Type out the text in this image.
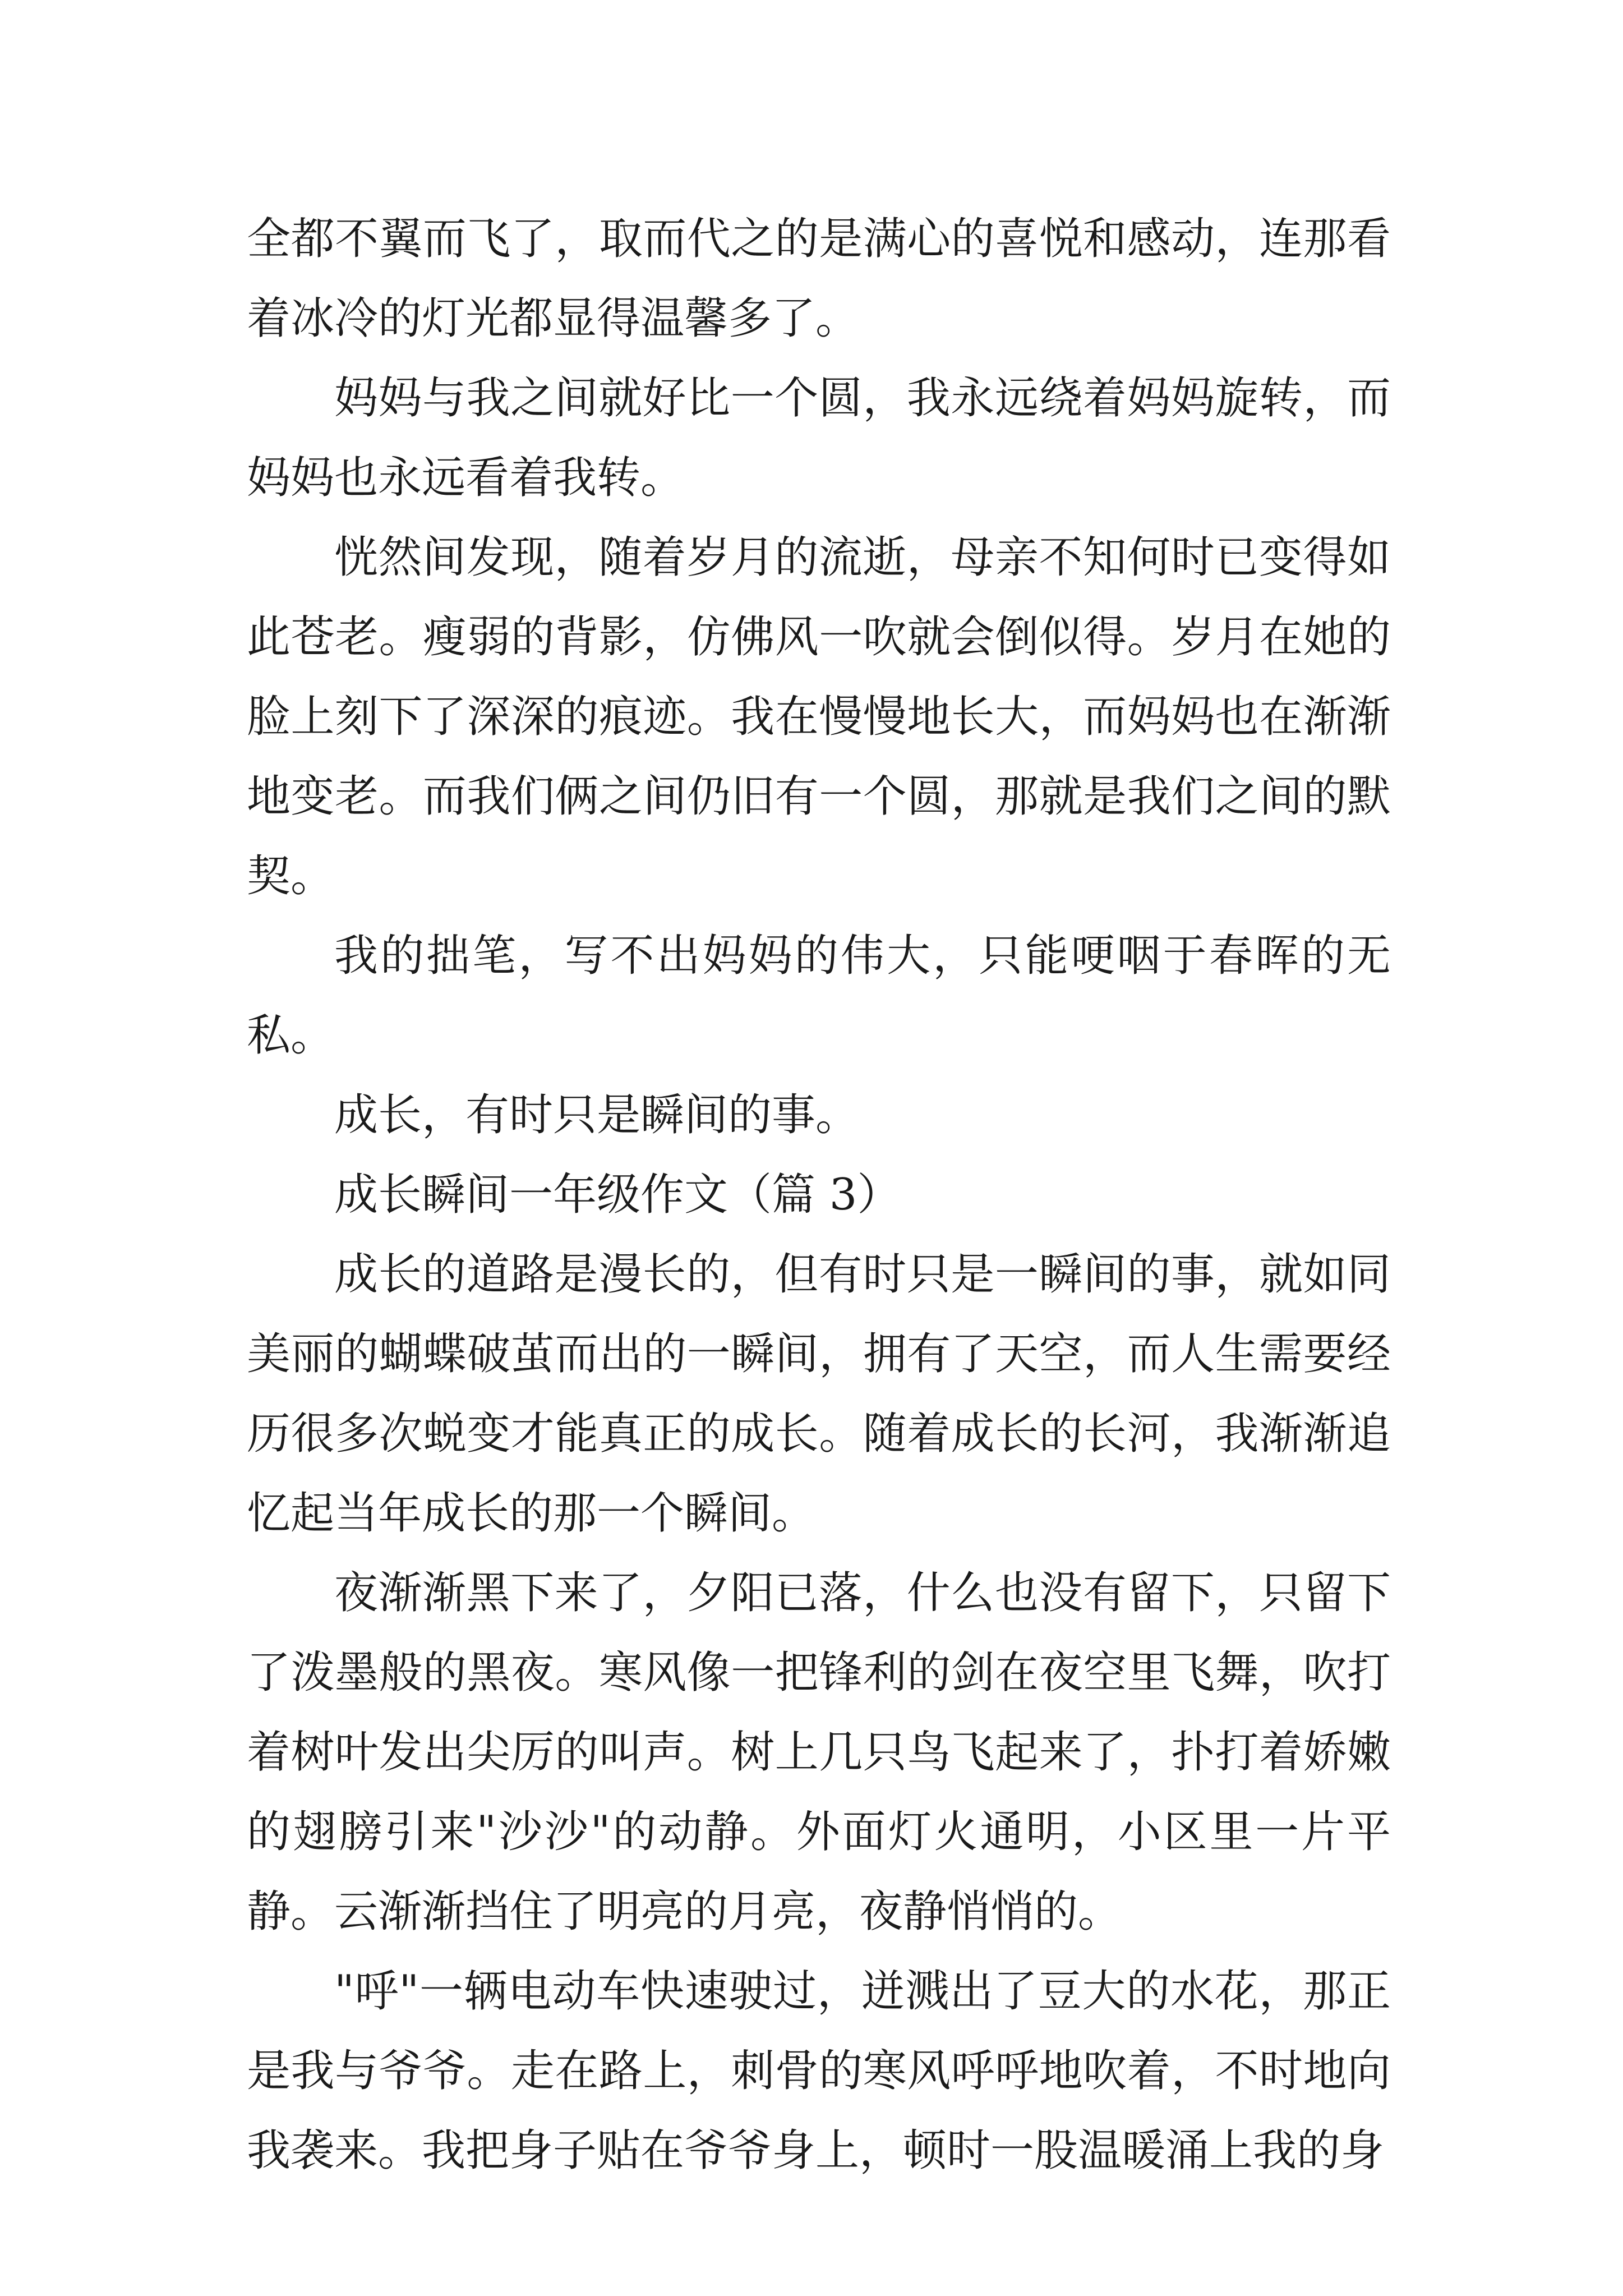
全都不翼而飞了，取而代之的是满心的喜悦和感动，连那看着冰冷的灯光都显得温馨多了。

妈妈与我之间就好比一个圆，我永远绕着妈妈旋转，而妈妈也永远看着我转。

恍然间发现，随着岁月的流逝，母亲不知何时已变得如此苍老。瘦弱的背影，仿佛风一吹就会倒似得。岁月在她的脸上刻下了深深的痕迹。我在慢慢地长大，而妈妈也在渐渐地变老。而我们俩之间仍旧有一个圆，那就是我们之间的默契。

我的拙笔，写不出妈妈的伟大，只能哽咽于春晖的无私。

成长，有时只是瞬间的事。

成长瞬间一年级作文（篇 3）

成长的道路是漫长的，但有时只是一瞬间的事，就如同美丽的蝴蝶破茧而出的一瞬间，拥有了天空，而人生需要经历很多次蜕变才能真正的成长。随着成长的长河，我渐渐追忆起当年成长的那一个瞬间。

夜渐渐黑下来了，夕阳已落，什么也没有留下，只留下了泼墨般的黑夜。寒风像一把锋利的剑在夜空里飞舞，吹打着树叶发出尖厉的叫声。树上几只鸟飞起来了，扑打着娇嫩的翅膀引来"沙沙"的动静。外面灯火通明，小区里一片平静。云渐渐挡住了明亮的月亮，夜静悄悄的。

"呼"一辆电动车快速驶过，迸溅出了豆大的水花，那正是我与爷爷。走在路上，刺骨的寒风呼呼地吹着，不时地向我袭来。我把身子贴在爷爷身上，顿时一股温暖涌上我的身
